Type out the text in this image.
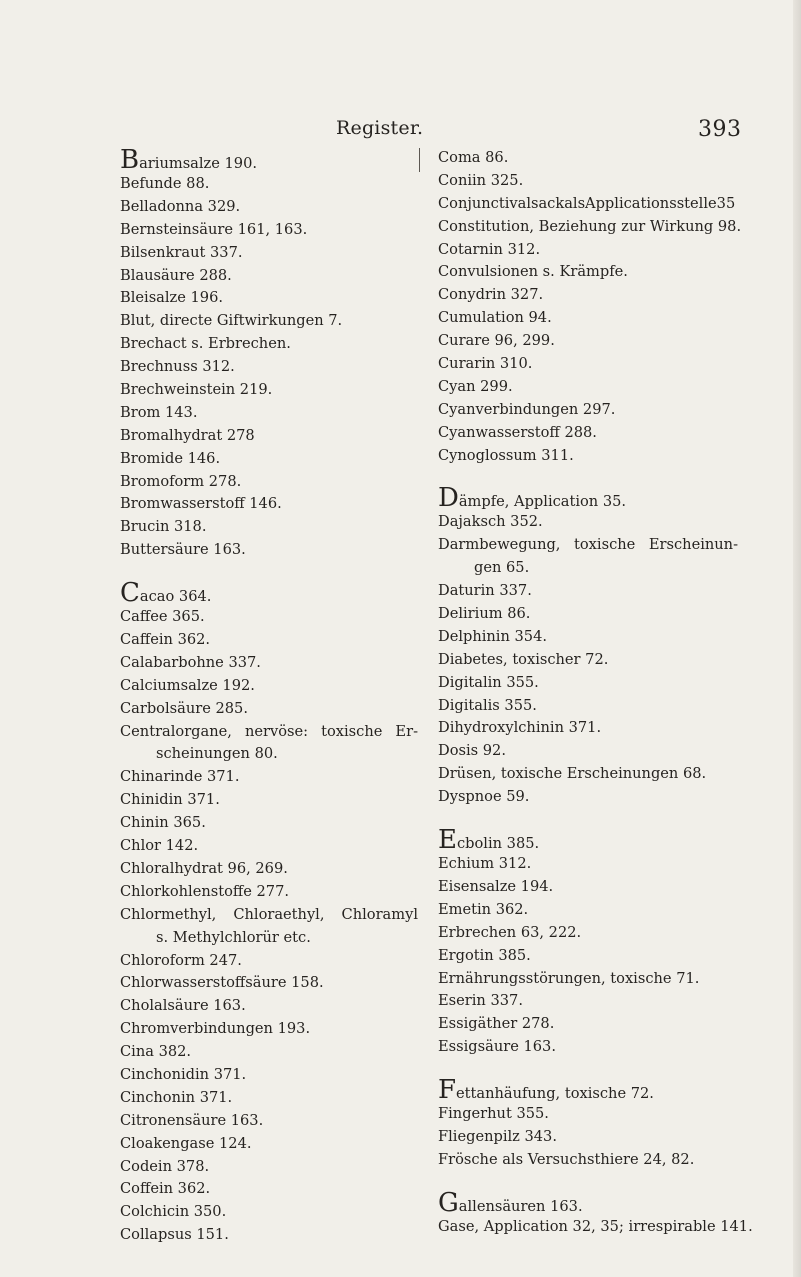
Register.	393
Bariumsalze 190.
Befunde 88.
Belladonna 329.
Bernsteinsäure 161, 163.
Bilsenkraut 337.
Blausäure 288.
Bleisalze 196.
Blut, directe Giftwirkungen 7.
Brechact s. Erbrechen.
Brechnuss 312.
Brechweinstein 219.
Brom 143.
Bromalhydrat 278
Bromide 146.
Bromoform 278.
Bromwasserstoff 146.
Brucin 318.
Buttersäure 163.
Cacao 364.
Caffee 365.
Caffein 362.
Calabarbohne 337.
Calciumsalze 192.
Carbolsäure 285.
Centralorgane, nervöse: toxische Er-
scheinungen 80.
Chinarinde 371.
Chinidin 371.
Chinin 365.
Chlor 142.
Chloralhydrat 96, 269.
Chlorkohlenstoffe 277.
Chlormethyl, Chloraethyl, Chloramyl
s. Methylchlorür etc.
Chloroform 247.
Chlorwasserstoffsäure 158.
Cholalsäure 163.
Chromverbindungen 193.
Cina 382.
Cinchonidin 371.
Cinchonin 371.
Citronensäure 163.
Cloakengase 124.
Codein 378.
Coffein 362.
Colchicin 350.
Collapsus 151.
Coma 86.
Coniin 325.
ConjunctivalsackalsApplicationsstelle35
Constitution, Beziehung zur Wirkung 98.
Cotarnin 312.
Convulsionen s. Krämpfe.
Conydrin 327.
Cumulation 94.
Curare 96, 299.
Curarin 310.
Cyan 299.
Cyanverbindungen 297.
Cyanwasserstoff 288.
Cynoglossum 311.
Dämpfe, Application 35.
Dajaksch 352.
Darmbewegung, toxische Erscheinun-
gen 65.
Daturin 337.
Delirium 86.
Delphinin 354.
Diabetes, toxischer 72.
Digitalin 355.
Digitalis 355.
Dihydroxylchinin 371.
Dosis 92.
Drüsen, toxische Erscheinungen 68.
Dyspnoe 59.
Ecbolin 385.
Echium 312.
Eisensalze 194.
Emetin 362.
Erbrechen 63, 222.
Ergotin 385.
Ernährungsstörungen, toxische 71.
Eserin 337.
Essigäther 278.
Essigsäure 163.
Fettanhäufung, toxische 72.
Fingerhut 355.
Fliegenpilz 343.
Frösche als Versuchsthiere 24, 82.
Gallensäuren 163.
Gase, Application 32, 35; irrespirable 141.
